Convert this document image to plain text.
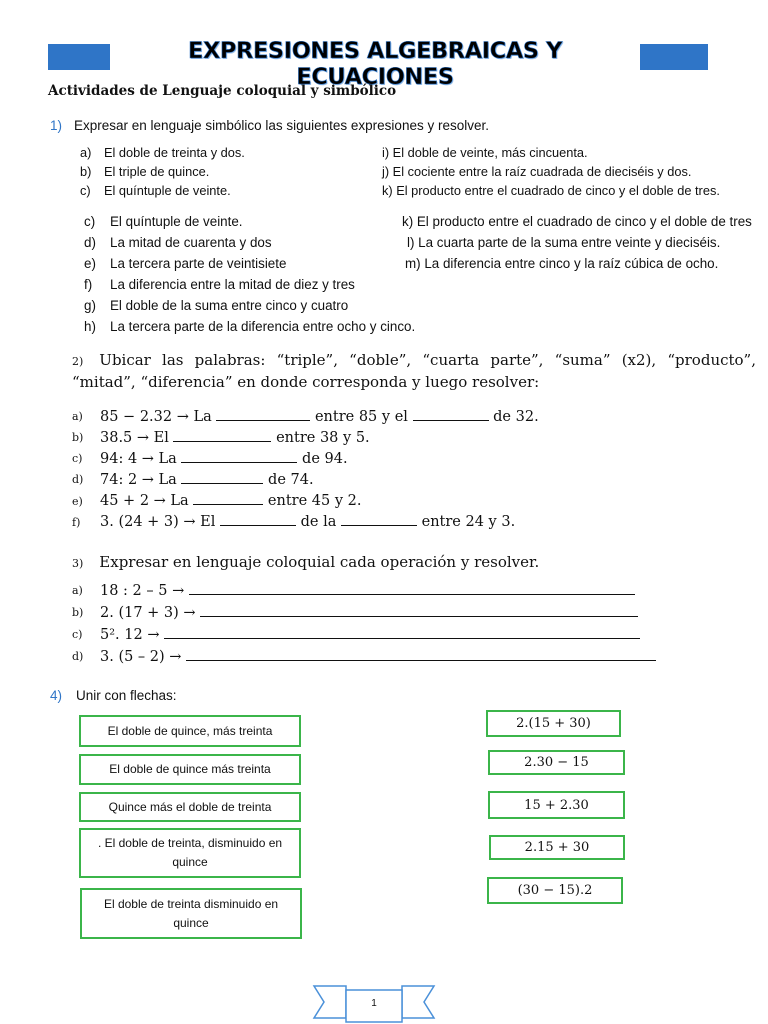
EXPRESIONES ALGEBRAICAS Y ECUACIONES
Actividades de Lenguaje coloquial y simbólico
1) Expresar en lenguaje simbólico las siguientes expresiones y resolver.
a) El doble de treinta y dos.
b) El triple de quince.
c) El quíntuple de veinte.
i) El doble de veinte, más cincuenta.
j) El cociente entre la raíz cuadrada de dieciséis y dos.
k) El producto entre el cuadrado de cinco y el doble de tres.
c) El quíntuple de veinte.
d) La mitad de cuarenta y dos
e) La tercera parte de veintisiete
f) La diferencia entre la mitad de diez y tres
g) El doble de la suma entre cinco y cuatro
h) La tercera parte de la diferencia entre ocho y cinco.
k) El producto entre el cuadrado de cinco y el doble de tres
l) La cuarta parte de la suma entre veinte y dieciséis.
m) La diferencia entre cinco y la raíz cúbica de ocho.
2) Ubicar las palabras: “triple”, “doble”, “cuarta parte”, “suma” (x2), “producto”, “mitad”, “diferencia” en donde corresponda y luego resolver:
a) 85 − 2.32 → La	entre 85 y el	de 32.
b) 38.5 → El	entre 38 y 5.
c) 94: 4 → La	de 94.
d) 74: 2 → La	de 74.
e) 45 + 2 → La	entre 45 y 2.
f) 3. (24 + 3) → El	de la	entre 24 y 3.
3) Expresar en lenguaje coloquial cada operación y resolver.
a) 18 : 2 – 5 →
b) 2. (17 + 3) →
c) 5². 12 →
d) 3. (5 – 2) →
4) Unir con flechas:
El doble de quince, más treinta
El doble de quince más treinta
Quince más el doble de treinta
. El doble de treinta, disminuido en quince
El doble de treinta disminuido en quince
2.(15 + 30)
2.30 − 15
15 + 2.30
2.15 + 30
(30 − 15).2
1
